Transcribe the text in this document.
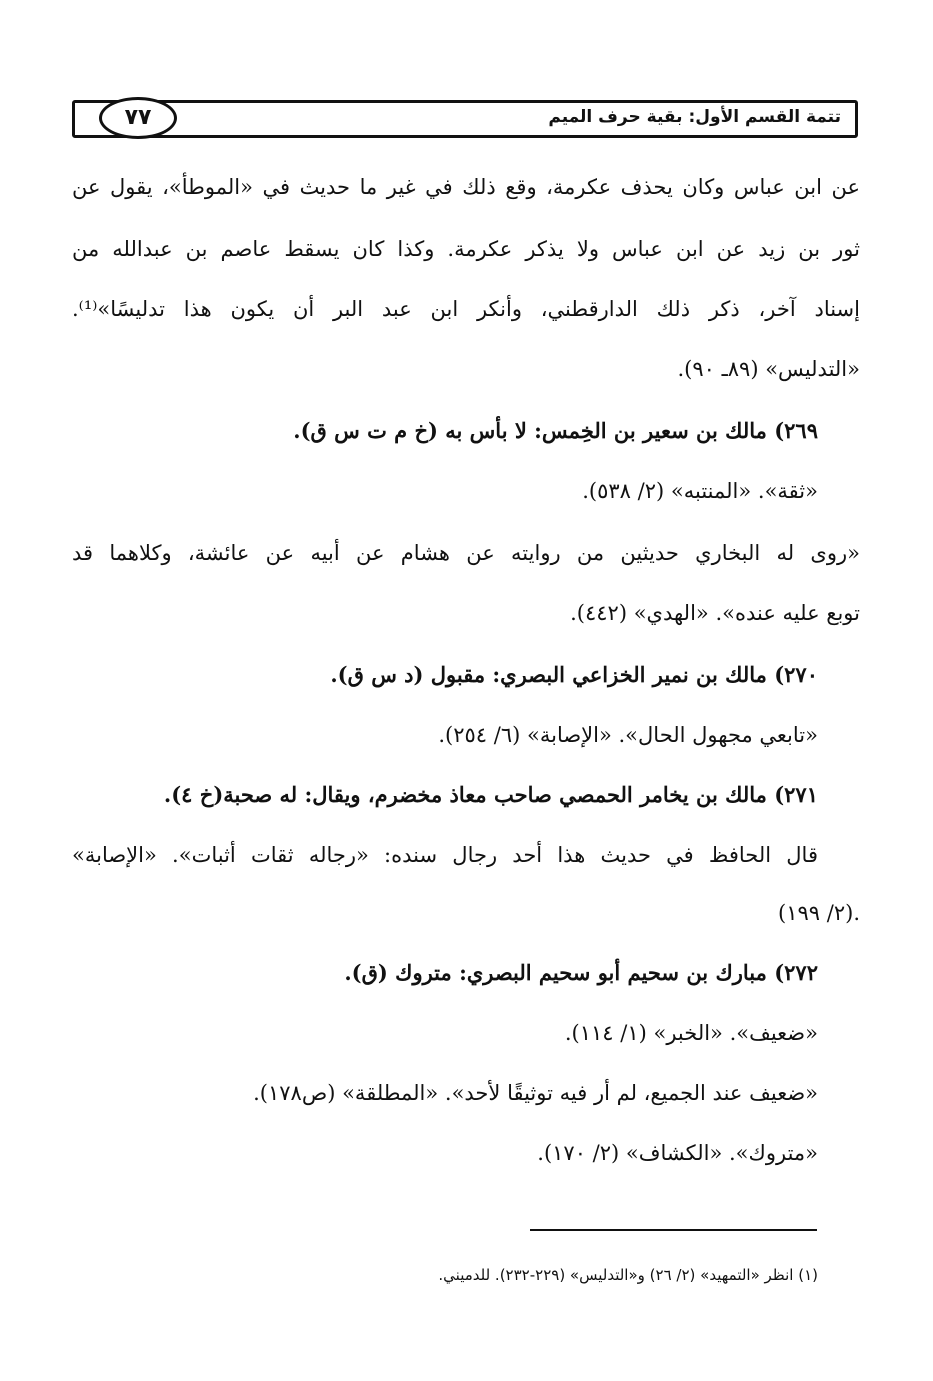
تتمة القسم الأول: بقية حرف الميم
٧٧
عن ابن عباس وكان يحذف عكرمة، وقع ذلك في غير ما حديث في «الموطأ»، يقول عن
ثور بن زيد عن ابن عباس ولا يذكر عكرمة. وكذا كان يسقط عاصم بن عبدالله من
إسناد آخر، ذكر ذلك الدارقطني، وأنكر ابن عبد البر أن يكون هذا تدليسًا»⁽¹⁾.
«التدليس» (٨٩ـ ٩٠).
٢٦٩) مالك بن سعير بن الخِمس: لا بأس به (خ م ت س ق).
«ثقة». «المنتبه» (٢/ ٥٣٨).
«روى له البخاري حديثين من روايته عن هشام عن أبيه عن عائشة، وكلاهما قد
توبع عليه عنده». «الهدي» (٤٤٢).
٢٧٠) مالك بن نمير الخزاعي البصري: مقبول (د س ق).
«تابعي مجهول الحال». «الإصابة» (٦/ ٢٥٤).
٢٧١) مالك بن يخامر الحمصي صاحب معاذ مخضرم، ويقال: له صحبة(خ ٤).
قال الحافظ في حديث هذا أحد رجال سنده: «رجاله ثقات أثبات». «الإصابة»
(٢/ ١٩٩).
٢٧٢) مبارك بن سحيم أبو سحيم البصري: متروك (ق).
«ضعيف». «الخبر» (١/ ١١٤).
«ضعيف عند الجميع، لم أر فيه توثيقًا لأحد». «المطلقة» (ص١٧٨).
«متروك». «الكشاف» (٢/ ١٧٠).
(١) انظر «التمهيد» (٢/ ٢٦) و«التدليس» (٢٢٩-٢٣٢). للدميني.
